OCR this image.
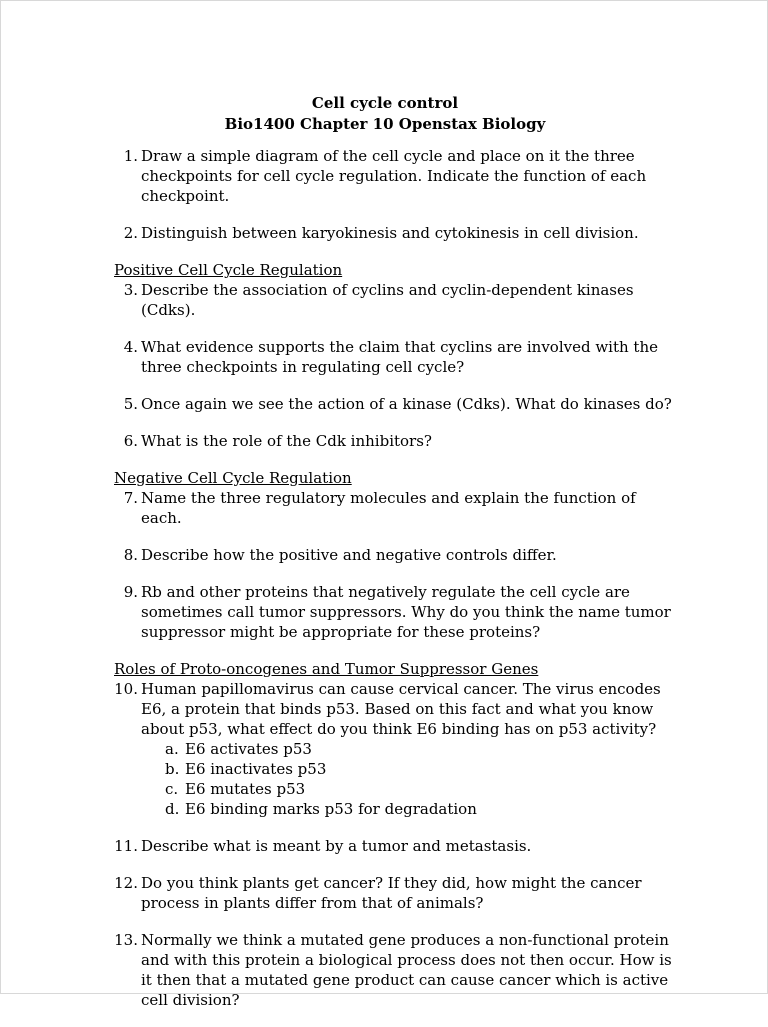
Cell cycle control
Bio1400 Chapter 10 Openstax Biology
1. Draw a simple diagram of the cell cycle and place on it the three checkpoints for cell cycle regulation. Indicate the function of each checkpoint.
2. Distinguish between karyokinesis and cytokinesis in cell division.
Positive Cell Cycle Regulation
3. Describe the association of cyclins and cyclin-dependent kinases (Cdks).
4. What evidence supports the claim that cyclins are involved with the three checkpoints in regulating cell cycle?
5. Once again we see the action of a kinase (Cdks). What do kinases do?
6. What is the role of the Cdk inhibitors?
Negative Cell Cycle Regulation
7. Name the three regulatory molecules and explain the function of each.
8. Describe how the positive and negative controls differ.
9. Rb and other proteins that negatively regulate the cell cycle are sometimes call tumor suppressors. Why do you think the name tumor suppressor might be appropriate for these proteins?
Roles of Proto-oncogenes and Tumor Suppressor Genes
10. Human papillomavirus can cause cervical cancer. The virus encodes E6, a protein that binds p53. Based on this fact and what you know about p53, what effect do you think E6 binding has on p53 activity?
a. E6 activates p53
b. E6 inactivates p53
c. E6 mutates p53
d. E6 binding marks p53 for degradation
11. Describe what is meant by a tumor and metastasis.
12. Do you think plants get cancer? If they did, how might the cancer process in plants differ from that of animals?
13. Normally we think a mutated gene produces a non-functional protein and with this protein a biological process does not then occur. How is it then that a mutated gene product can cause cancer which is active cell division?
